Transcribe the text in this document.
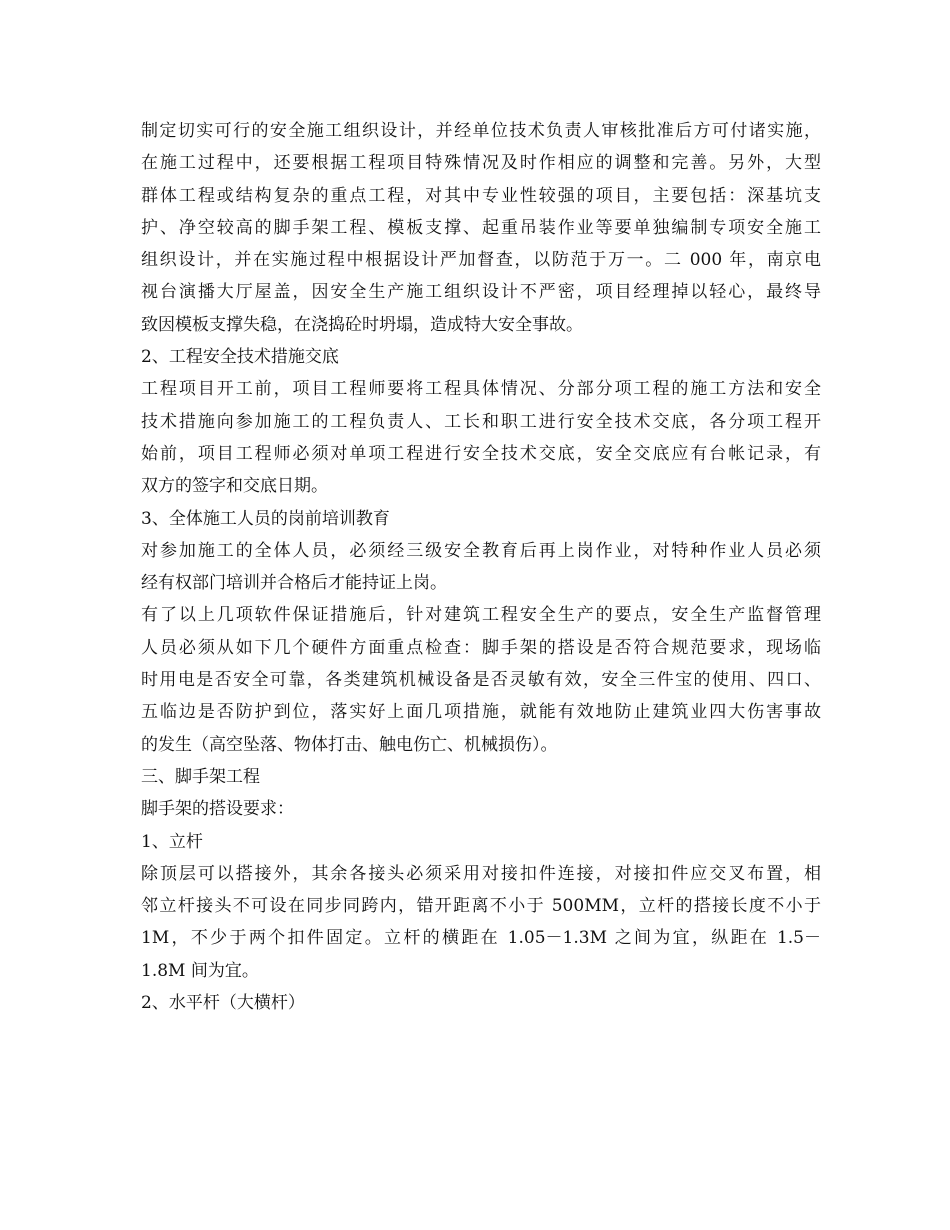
制定切实可行的安全施工组织设计，并经单位技术负责人审核批准后方可付诸实施，
在施工过程中，还要根据工程项目特殊情况及时作相应的调整和完善。另外，大型
群体工程或结构复杂的重点工程，对其中专业性较强的项目，主要包括：深基坑支
护、净空较高的脚手架工程、模板支撑、起重吊装作业等要单独编制专项安全施工
组织设计，并在实施过程中根据设计严加督查，以防范于万一。二 000 年，南京电
视台演播大厅屋盖，因安全生产施工组织设计不严密，项目经理掉以轻心，最终导
致因模板支撑失稳，在浇捣砼时坍塌，造成特大安全事故。
2、工程安全技术措施交底
工程项目开工前，项目工程师要将工程具体情况、分部分项工程的施工方法和安全
技术措施向参加施工的工程负责人、工长和职工进行安全技术交底，各分项工程开
始前，项目工程师必须对单项工程进行安全技术交底，安全交底应有台帐记录，有
双方的签字和交底日期。
3、全体施工人员的岗前培训教育
对参加施工的全体人员，必须经三级安全教育后再上岗作业，对特种作业人员必须
经有权部门培训并合格后才能持证上岗。
有了以上几项软件保证措施后，针对建筑工程安全生产的要点，安全生产监督管理
人员必须从如下几个硬件方面重点检查：脚手架的搭设是否符合规范要求，现场临
时用电是否安全可靠，各类建筑机械设备是否灵敏有效，安全三件宝的使用、四口、
五临边是否防护到位，落实好上面几项措施，就能有效地防止建筑业四大伤害事故
的发生（高空坠落、物体打击、触电伤亡、机械损伤）。
三、脚手架工程
脚手架的搭设要求：
1、立杆
除顶层可以搭接外，其余各接头必须采用对接扣件连接，对接扣件应交叉布置，相
邻立杆接头不可设在同步同跨内，错开距离不小于 500MM，立杆的搭接长度不小于
1M，不少于两个扣件固定。立杆的横距在 1.05－1.3M 之间为宜，纵距在 1.5－
1.8M 间为宜。
2、水平杆（大横杆）
